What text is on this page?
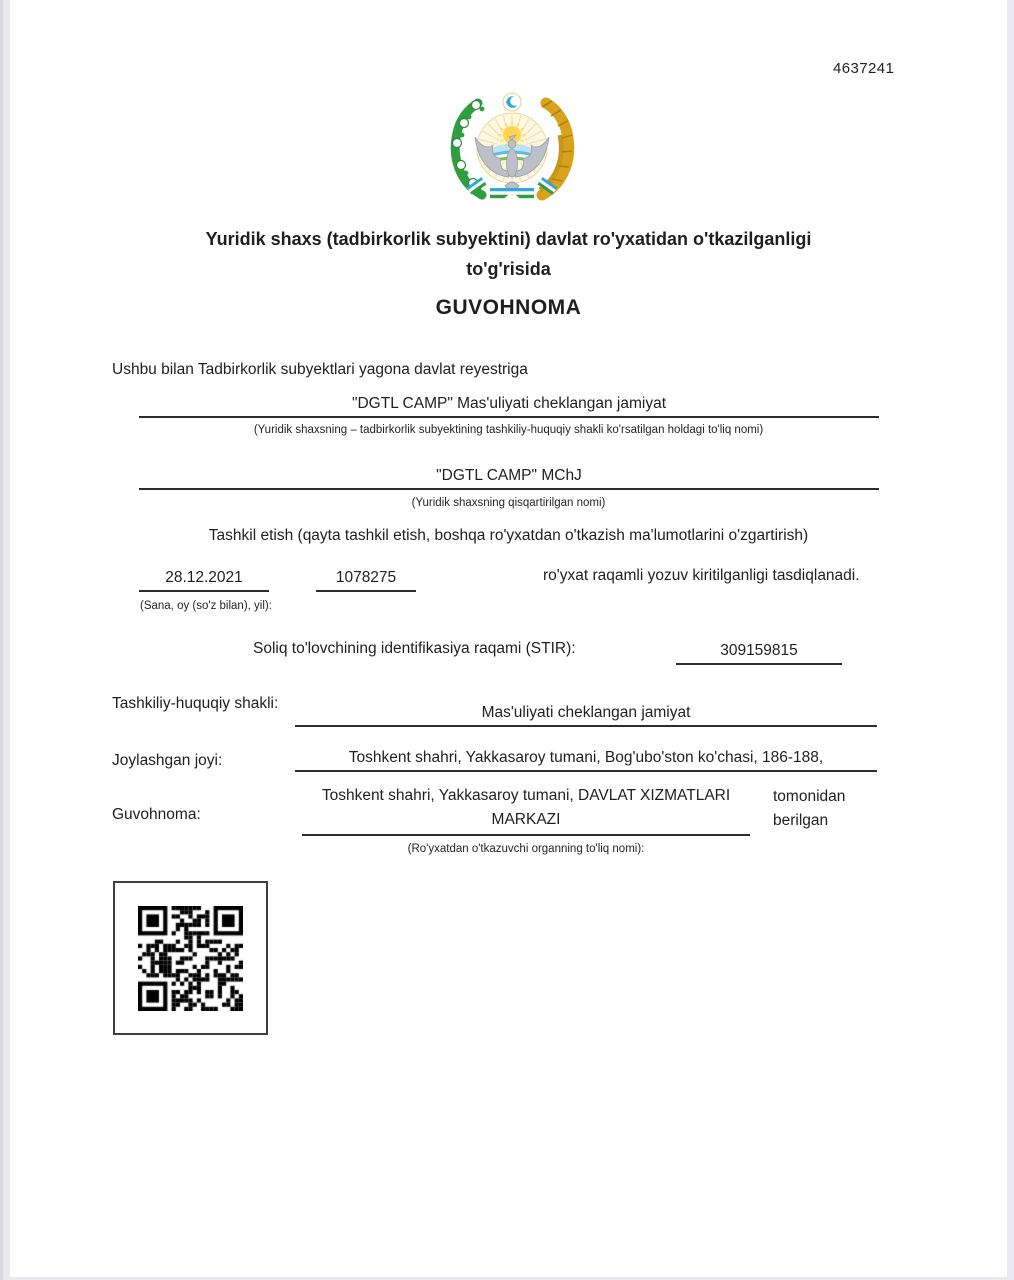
4637241
Yuridik shaxs (tadbirkorlik subyektini) davlat ro'yxatidan o'tkazilganligi
to'g'risida
GUVOHNOMA
Ushbu bilan Tadbirkorlik subyektlari yagona davlat reyestriga
"DGTL CAMP" Mas'uliyati cheklangan jamiyat
(Yuridik shaxsning – tadbirkorlik subyektining tashkiliy-huquqiy shakli ko'rsatilgan holdagi to'liq nomi)
"DGTL CAMP" MChJ
(Yuridik shaxsning qisqartirilgan nomi)
Tashkil etish (qayta tashkil etish, boshqa ro'yxatdan o'tkazish ma'lumotlarini o'zgartirish)
28.12.2021	1078275	ro'yxat raqamli yozuv kiritilganligi tasdiqlanadi.
(Sana, oy (so'z bilan), yil):
Soliq to'lovchining identifikasiya raqami (STIR):	309159815
Tashkiliy-huquqiy shakli:
Mas'uliyati cheklangan jamiyat
Joylashgan joyi:	Toshkent shahri, Yakkasaroy tumani, Bog'ubo'ston ko'chasi, 186-188,
Guvohnoma:
Toshkent shahri, Yakkasaroy tumani, DAVLAT XIZMATLARI MARKAZI
tomonidan berilgan
(Ro'yxatdan o'tkazuvchi organning to'liq nomi):
